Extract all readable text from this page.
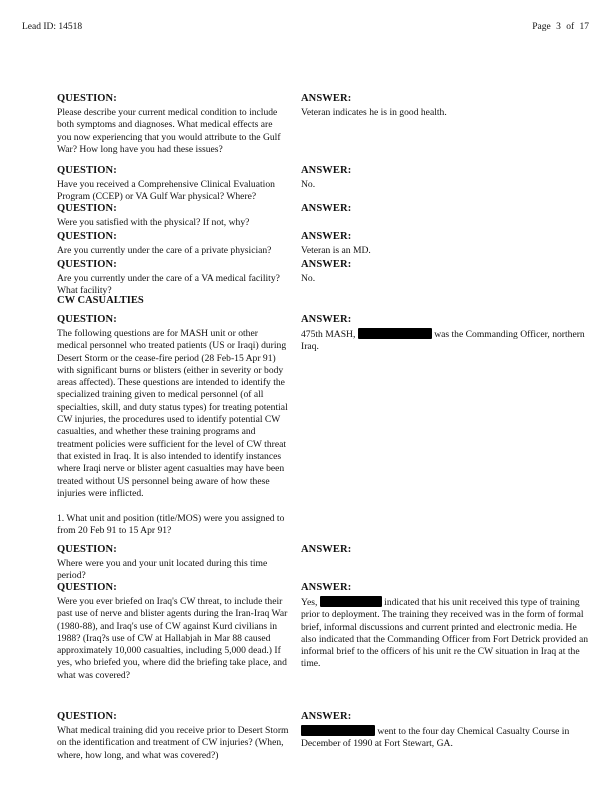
Lead ID: 14518	Page 3 of 17
QUESTION:
Please describe your current medical condition to include both symptoms and diagnoses. What medical effects are you now experiencing that you would attribute to the Gulf War? How long have you had these issues?
ANSWER:
Veteran indicates he is in good health.
QUESTION:
Have you received a Comprehensive Clinical Evaluation Program (CCEP) or VA Gulf War physical? Where?
ANSWER:
No.
QUESTION:
Were you satisfied with the physical? If not, why?
ANSWER:
QUESTION:
Are you currently under the care of a private physician?
ANSWER:
Veteran is an MD.
QUESTION:
Are you currently under the care of a VA medical facility? What facility?
ANSWER:
No.
CW CASUALTIES
QUESTION:
The following questions are for MASH unit or other medical personnel who treated patients (US or Iraqi) during Desert Storm or the cease-fire period (28 Feb-15 Apr 91) with significant burns or blisters (either in severity or body areas affected). These questions are intended to identify the specialized training given to medical personnel (of all specialties, skill, and duty status types) for treating potential CW injuries, the procedures used to identify potential CW casualties, and whether these training programs and treatment policies were sufficient for the level of CW threat that existed in Iraq. It is also intended to identify instances where Iraqi nerve or blister agent casualties may have been treated without US personnel being aware of how these injuries were inflicted.
1. What unit and position (title/MOS) were you assigned to from 20 Feb 91 to 15 Apr 91?
ANSWER:
475th MASH,	was the Commanding Officer, northern Iraq.
QUESTION:
Where were you and your unit located during this time period?
ANSWER:
QUESTION:
Were you ever briefed on Iraq's CW threat, to include their past use of nerve and blister agents during the Iran-Iraq War (1980-88), and Iraq's use of CW against Kurd civilians in 1988? (Iraq?s use of CW at Hallabjah in Mar 88 caused approximately 10,000 casualties, including 5,000 dead.) If yes, who briefed you, where did the briefing take place, and what was covered?
ANSWER:
Yes,	indicated that his unit received this type of training prior to deployment. The training they received was in the form of formal brief, informal discussions and current printed and electronic media. He also indicated that the Commanding Officer from Fort Detrick provided an informal brief to the officers of his unit re the CW situation in Iraq at the time.
QUESTION:
What medical training did you receive prior to Desert Storm on the identification and treatment of CW injuries? (When, where, how long, and what was covered?)
ANSWER:
went to the four day Chemical Casualty Course in December of 1990 at Fort Stewart, GA.
